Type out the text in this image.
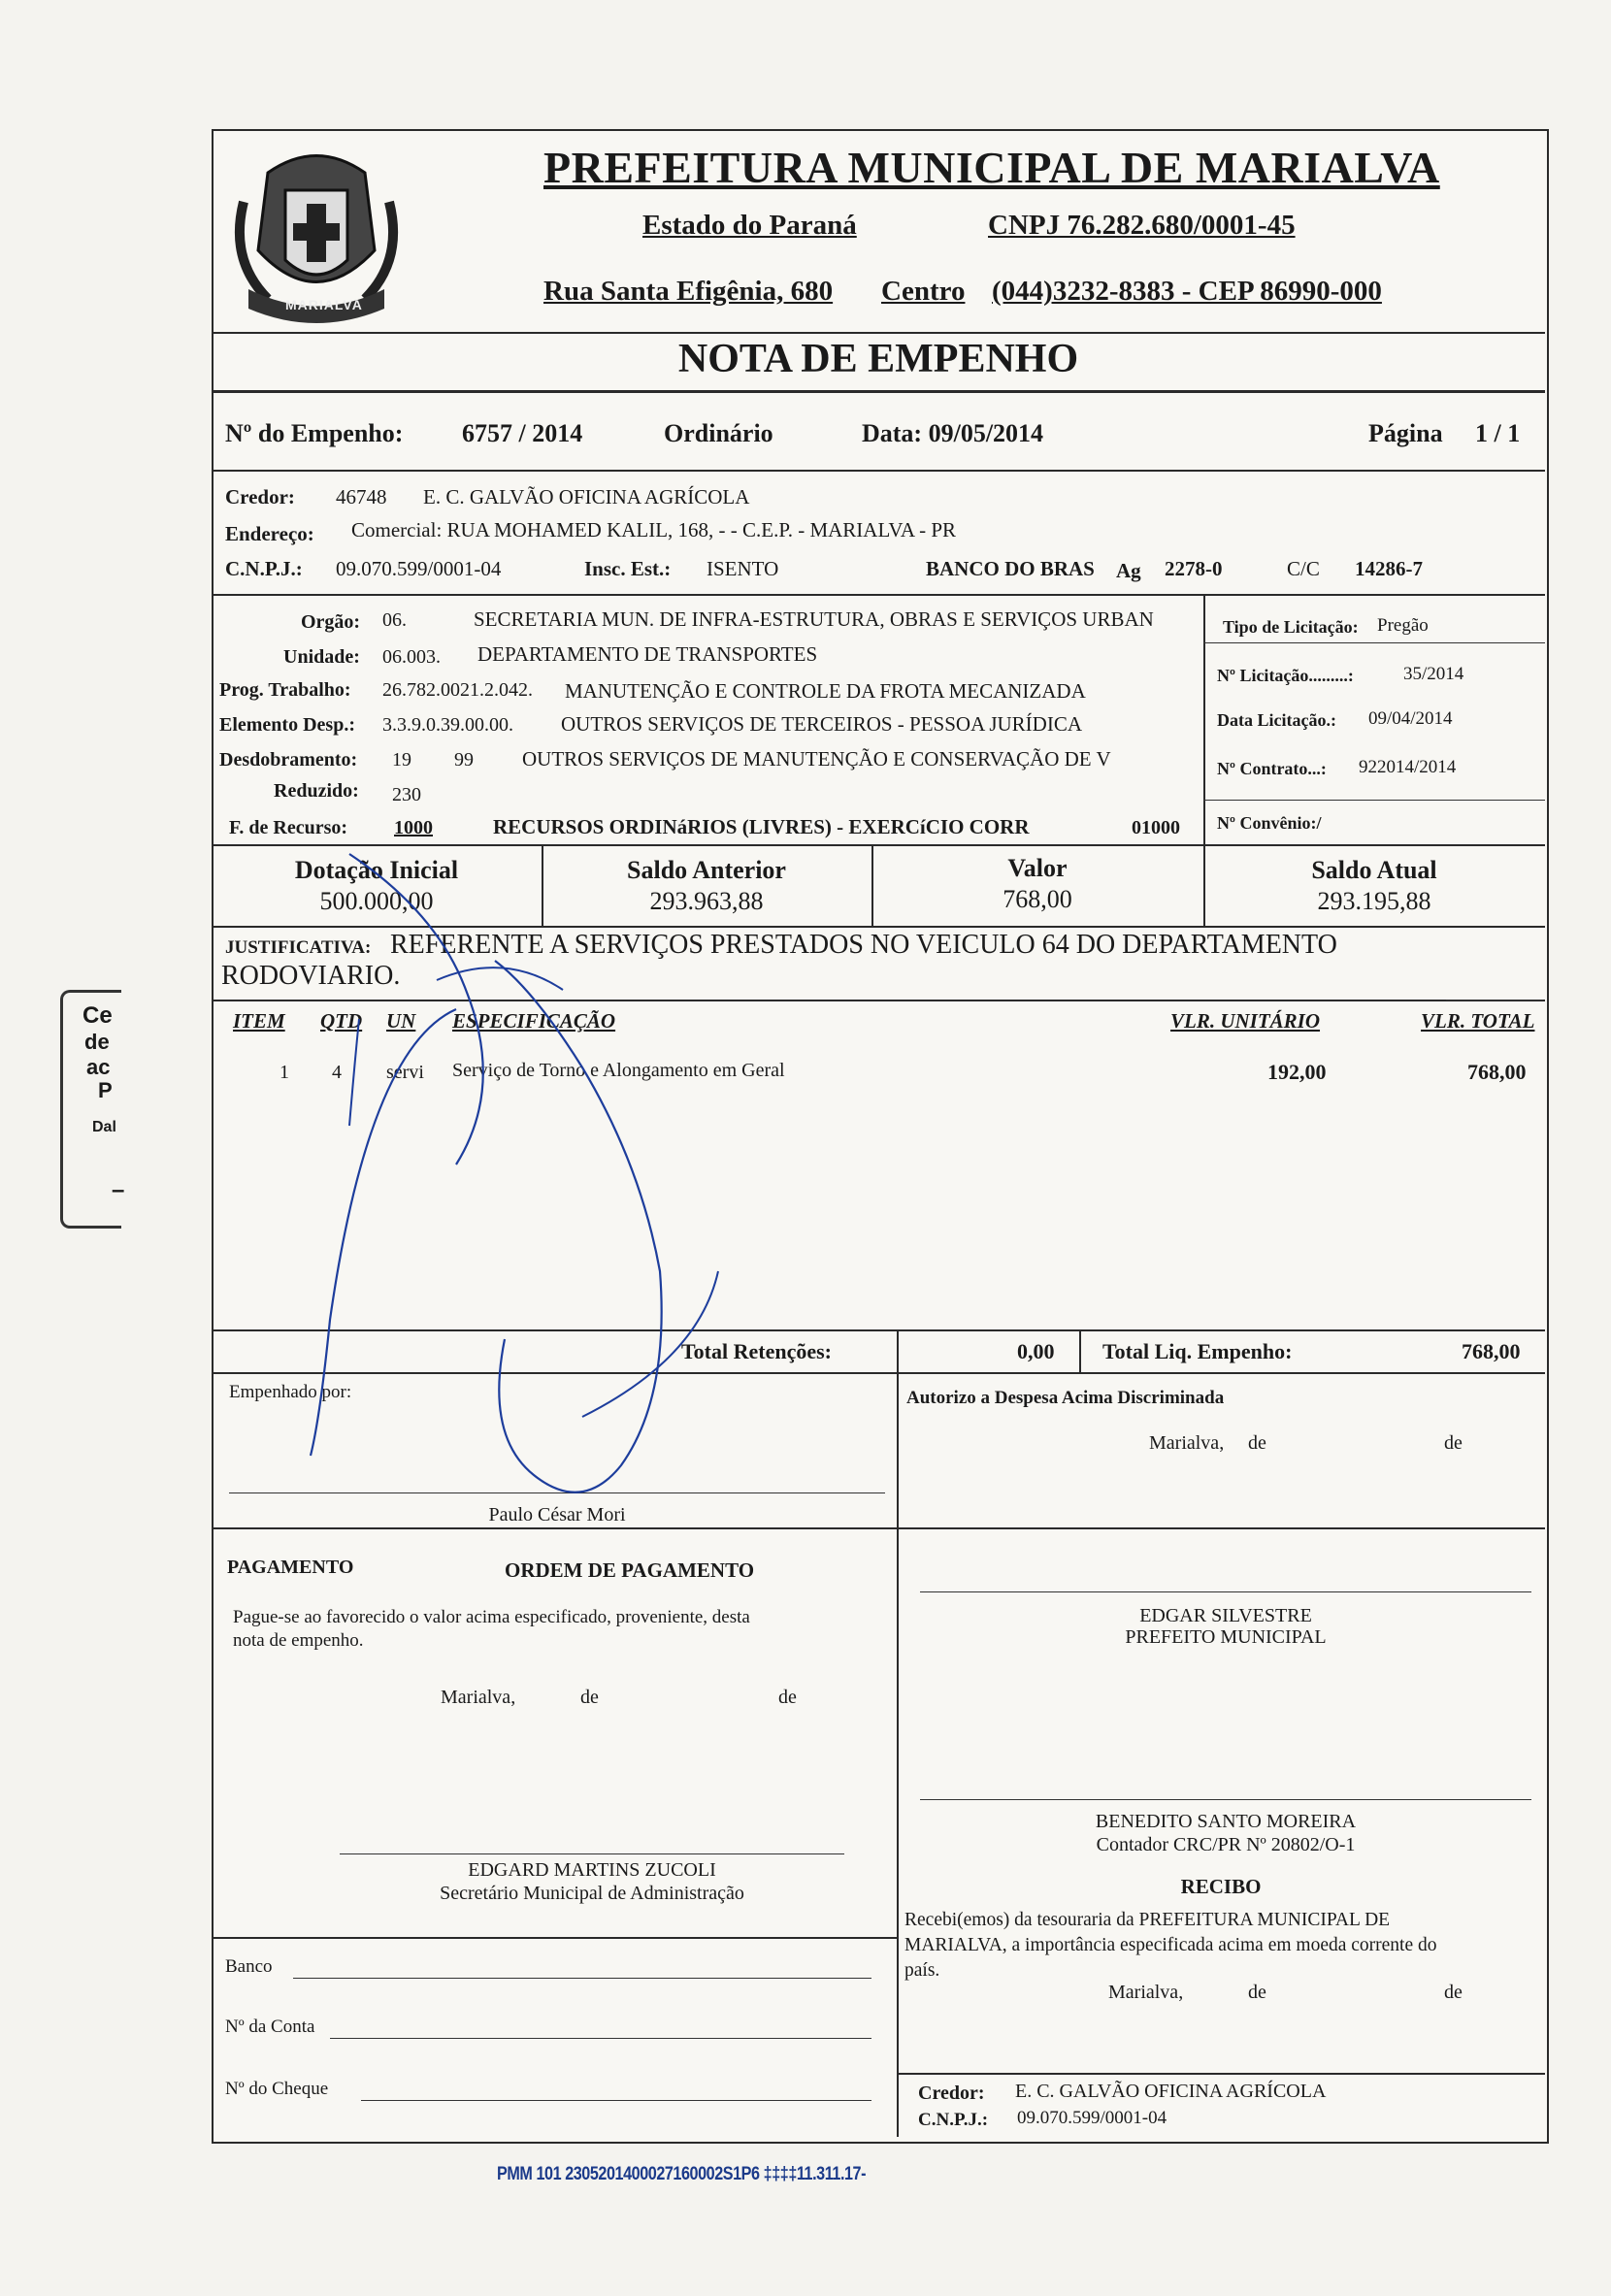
Ce
de
ac
P
Dal
–
MARIALVA
PREFEITURA MUNICIPAL DE MARIALVA
Estado do Paraná	CNPJ 76.282.680/0001-45
Rua Santa Efigênia, 680 Centro (044)3232-8383 - CEP 86990-000
NOTA DE EMPENHO
Nº do Empenho: 6757 / 2014	Ordinário	Data: 09/05/2014	Página 1 / 1
Credor: 46748 E. C. GALVÃO OFICINA AGRÍCOLA
Endereço: Comercial: RUA MOHAMED KALIL, 168, - - C.E.P. - MARIALVA - PR
C.N.P.J.: 09.070.599/0001-04	Insc. Est.: ISENTO	BANCO DO BRAS Ag 2278-0	C/C 14286-7
Orgão: 06.	SECRETARIA MUN. DE INFRA-ESTRUTURA, OBRAS E SERVIÇOS URBAN
Unidade: 06.003. DEPARTAMENTO DE TRANSPORTES
Prog. Trabalho: 26.782.0021.2.042. MANUTENÇÃO E CONTROLE DA FROTA MECANIZADA
Elemento Desp.: 3.3.9.0.39.00.00. OUTROS SERVIÇOS DE TERCEIROS - PESSOA JURÍDICA
Desdobramento: 19 99 OUTROS SERVIÇOS DE MANUTENÇÃO E CONSERVAÇÃO DE V
Reduzido: 230
F. de Recurso: 1000	RECURSOS ORDINáRIOS (LIVRES) - EXERCíCIO CORR	01000
Tipo de Licitação: Pregão
Nº Licitação.........:	35/2014
Data Licitação.: 09/04/2014
Nº Contrato...: 922014/2014
Nº Convênio:/
Dotação Inicial
500.000,00
Saldo Anterior
293.963,88
Valor
768,00
Saldo Atual
293.195,88
JUSTIFICATIVA: REFERENTE A SERVIÇOS PRESTADOS NO VEICULO 64 DO DEPARTAMENTO
RODOVIARIO.
ITEM QTD UN ESPECIFICAÇÃO	VLR. UNITÁRIO	VLR. TOTAL
1 4 servi Serviço de Torno e Alongamento em Geral	192,00	768,00
Total Retenções:	0,00 Total Liq. Empenho:	768,00
Empenhado por:
Paulo César Mori
Autorizo a Despesa Acima Discriminada
Marialva, de	de
PAGAMENTO	ORDEM DE PAGAMENTO
Pague-se ao favorecido o valor acima especificado, proveniente, desta
nota de empenho.
Marialva,	de	de
EDGAR SILVESTRE
PREFEITO MUNICIPAL
BENEDITO SANTO MOREIRA
Contador CRC/PR Nº 20802/O-1
EDGARD MARTINS ZUCOLI
Secretário Municipal de Administração	RECIBO
Recebi(emos) da tesouraria da PREFEITURA MUNICIPAL DE
MARIALVA, a importância especificada acima em moeda corrente do
país.
Marialva,	de	de
Credor: E. C. GALVÃO OFICINA AGRÍCOLA
C.N.P.J.: 09.070.599/0001-04
Banco
Nº da Conta
Nº do Cheque
PMM 101 2305201400027160002S1P6 ‡‡‡‡11.311.17-
